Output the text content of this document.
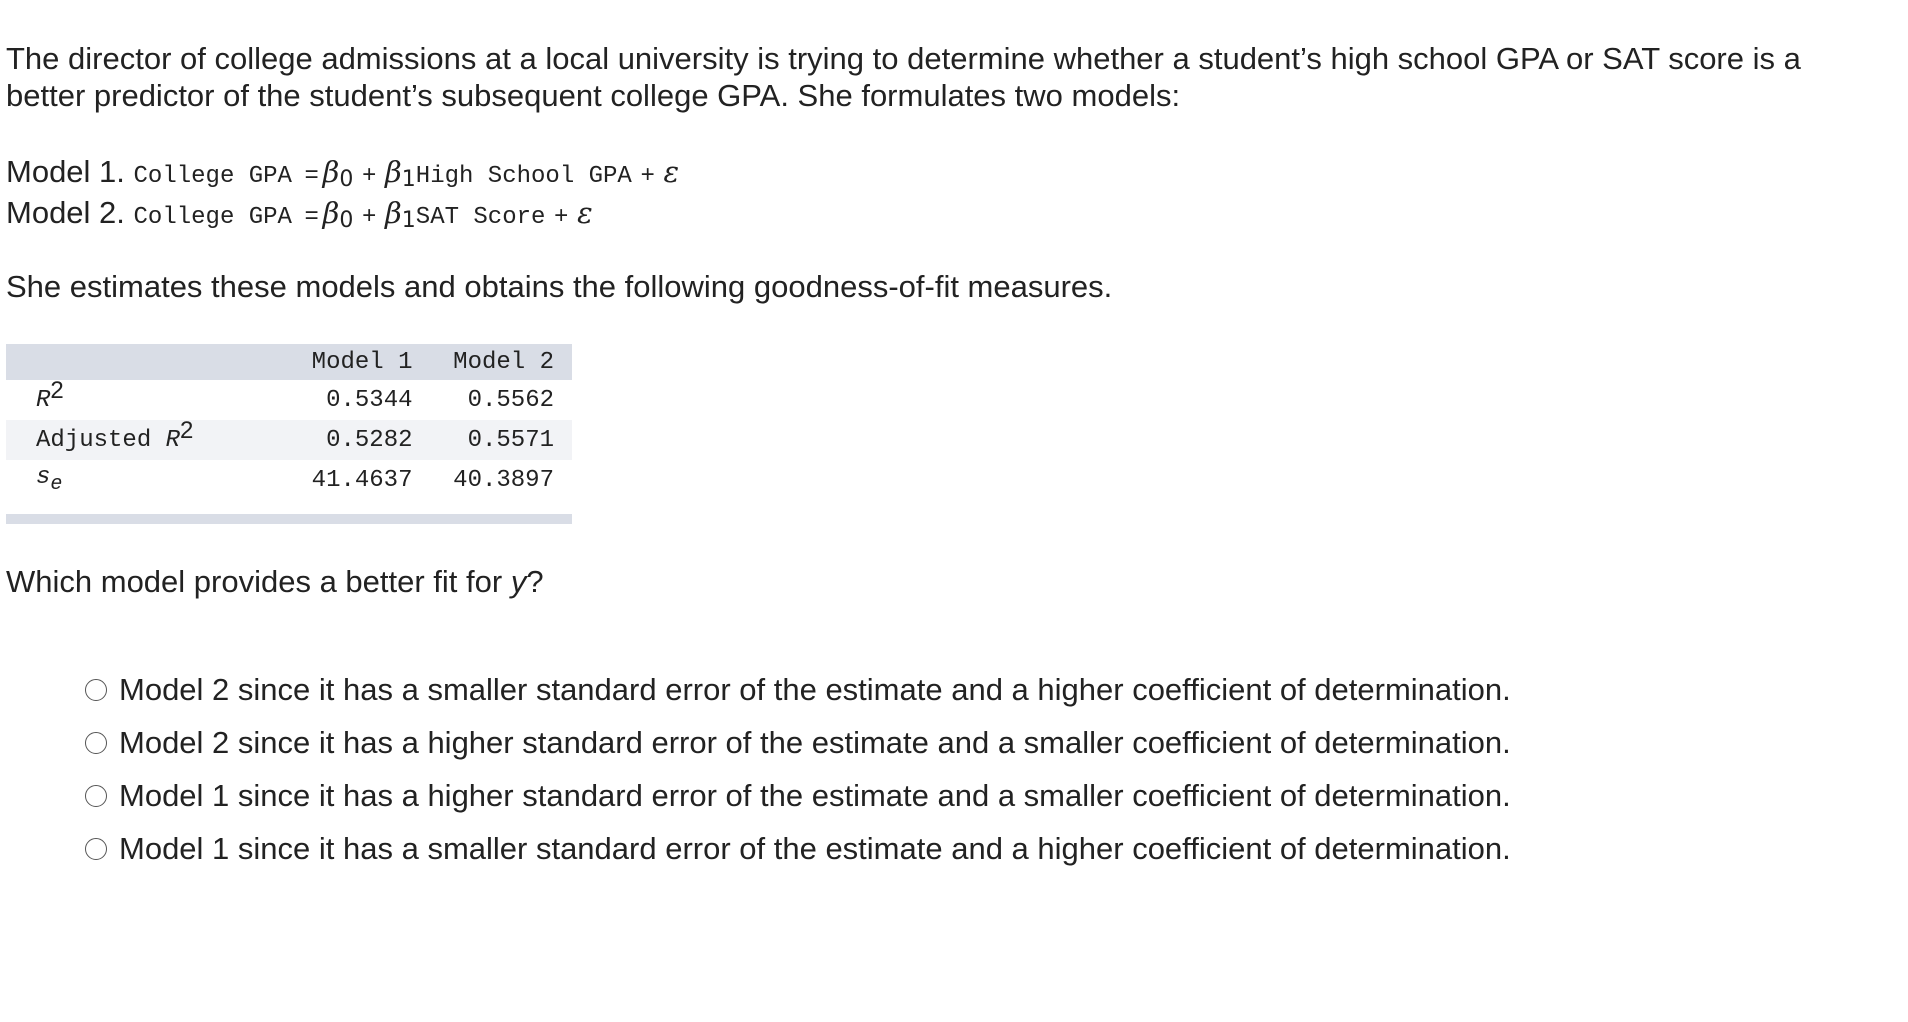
The director of college admissions at a local university is trying to determine whether a student’s high school GPA or SAT score is a better predictor of the student’s subsequent college GPA. She formulates two models:

Model 1. College GPA = $\beta_0$ + $\beta_1High$ School GPA + ε
Model 2. College GPA = $\beta_0 + \beta_1SAT$ Score + ε

She estimates these models and obtains the following goodness-of-fit measures.

	Model 1	Model 2
$R^2$	0.5344	0.5562
Adjusted $R^2$	0.5282	0.5571
$s_e$	41.4637	40.3897

Which model provides a better fit for y?

Model 2 since it has a smaller standard error of the estimate and a higher coefficient of determination.
Model 2 since it has a higher standard error of the estimate and a smaller coefficient of determination.
Model 1 since it has a higher standard error of the estimate and a smaller coefficient of determination.
Model 1 since it has a smaller standard error of the estimate and a higher coefficient of determination.
